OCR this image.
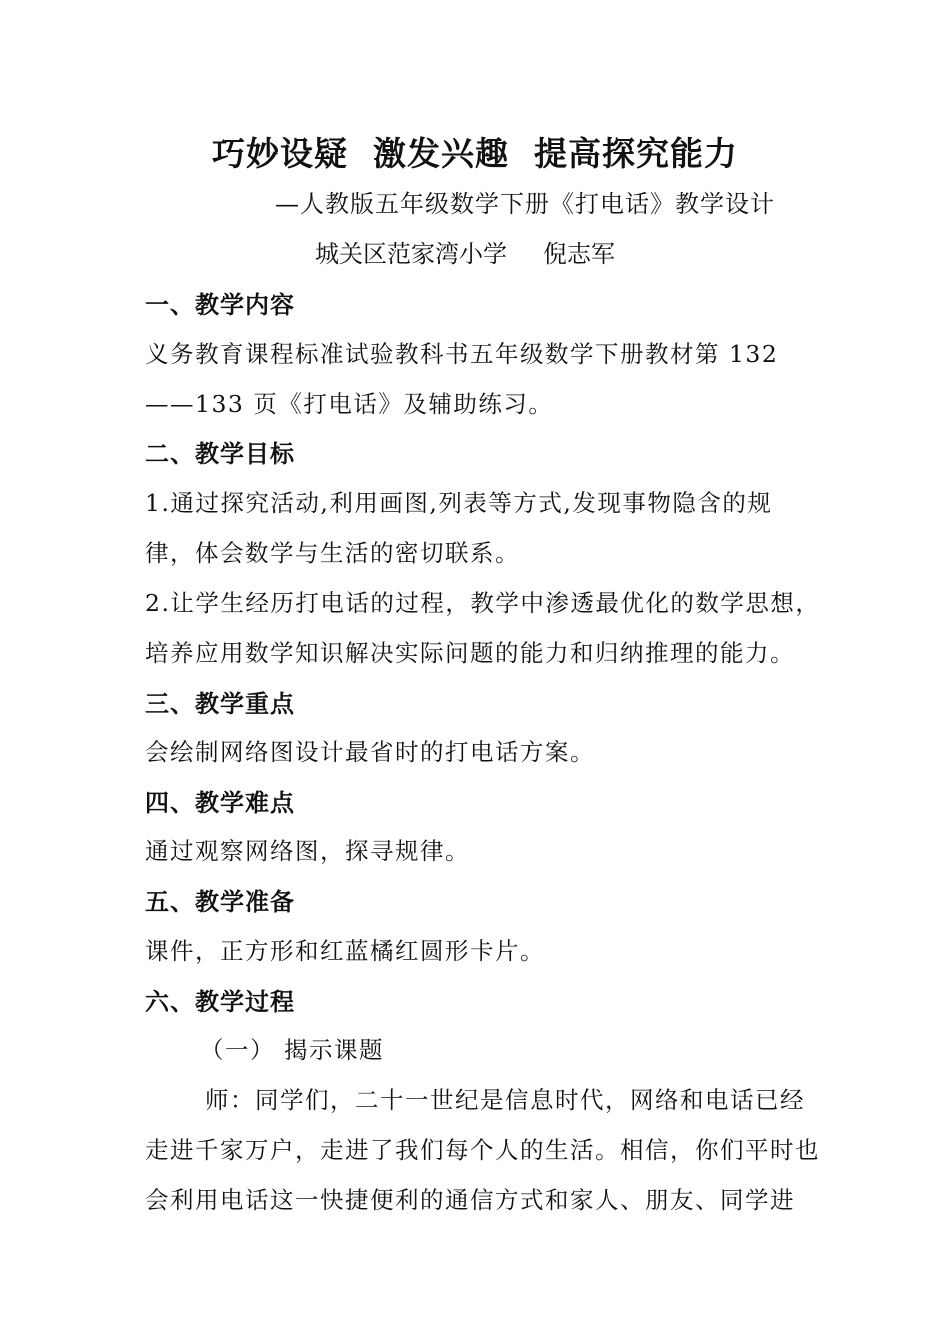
巧妙设疑  激发兴趣  提高探究能力
—人教版五年级数学下册《打电话》教学设计
城关区范家湾小学 倪志军
一、教学内容
义务教育课程标准试验教科书五年级数学下册教材第 132
——133 页《打电话》及辅助练习。
二、教学目标
1.通过探究活动,利用画图,列表等方式,发现事物隐含的规
律，体会数学与生活的密切联系。
2.让学生经历打电话的过程，教学中渗透最优化的数学思想，
培养应用数学知识解决实际问题的能力和归纳推理的能力。
三、教学重点
会绘制网络图设计最省时的打电话方案。
四、教学难点
通过观察网络图，探寻规律。
五、教学准备
课件，正方形和红蓝橘红圆形卡片。
六、教学过程
（一） 揭示课题
师：同学们，二十一世纪是信息时代，网络和电话已经
走进千家万户，走进了我们每个人的生活。相信，你们平时也
会利用电话这一快捷便利的通信方式和家人、朋友、同学进
